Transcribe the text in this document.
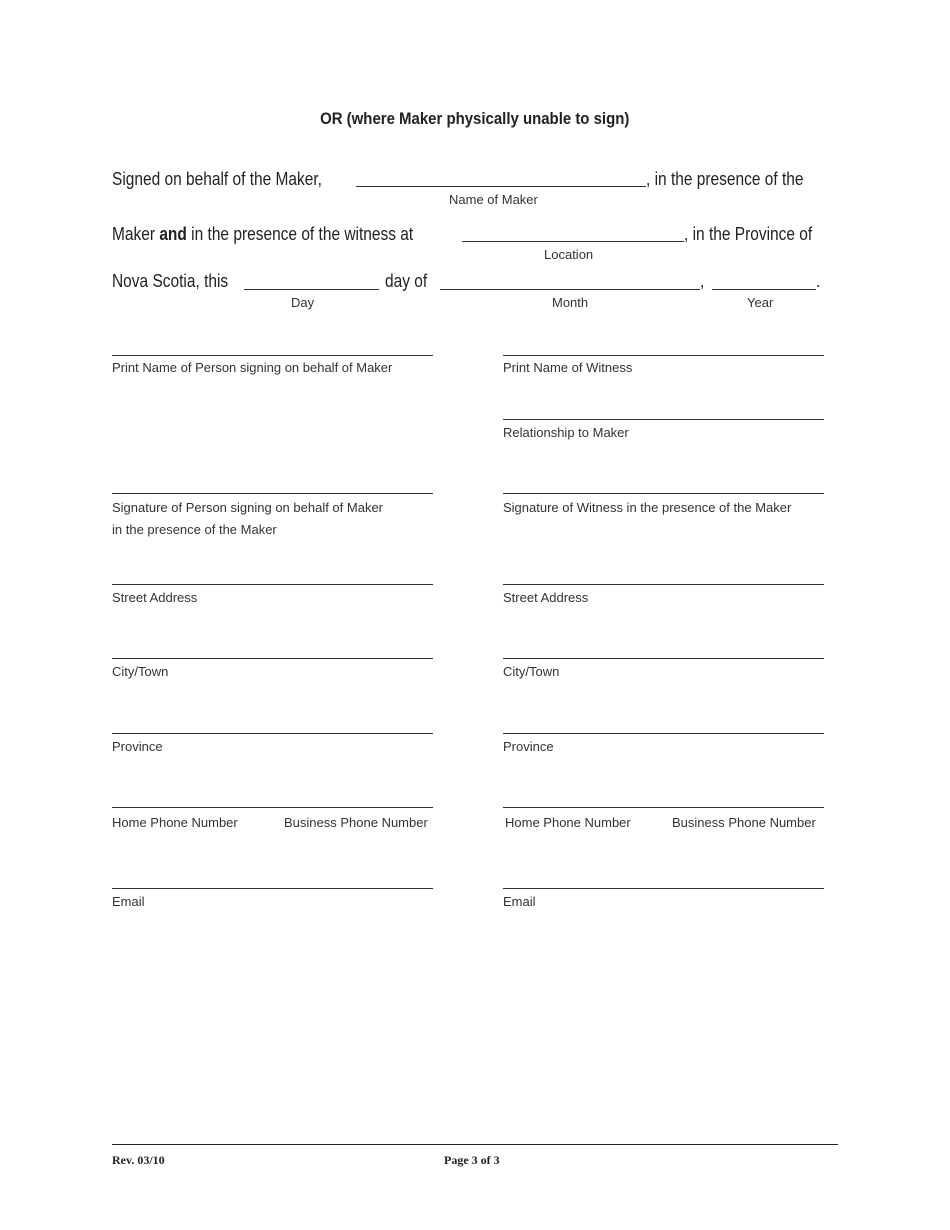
OR (where Maker physically unable to sign)
Signed on behalf of the Maker,	, in the presence of the
Name of Maker
Maker and in the presence of the witness at	, in the Province of
Location
Nova Scotia, this	day of	,	.
Day	Month	Year
Print Name of Person signing on behalf of Maker
Signature of Person signing on behalf of Maker
in the presence of the Maker
Street Address
City/Town
Province
Home Phone Number	Business Phone Number
Email
Print Name of Witness
Relationship to Maker
Signature of Witness in the presence of the Maker
Street Address
City/Town
Province
Home Phone Number	Business Phone Number
Email
Rev. 03/10	Page 3 of 3
